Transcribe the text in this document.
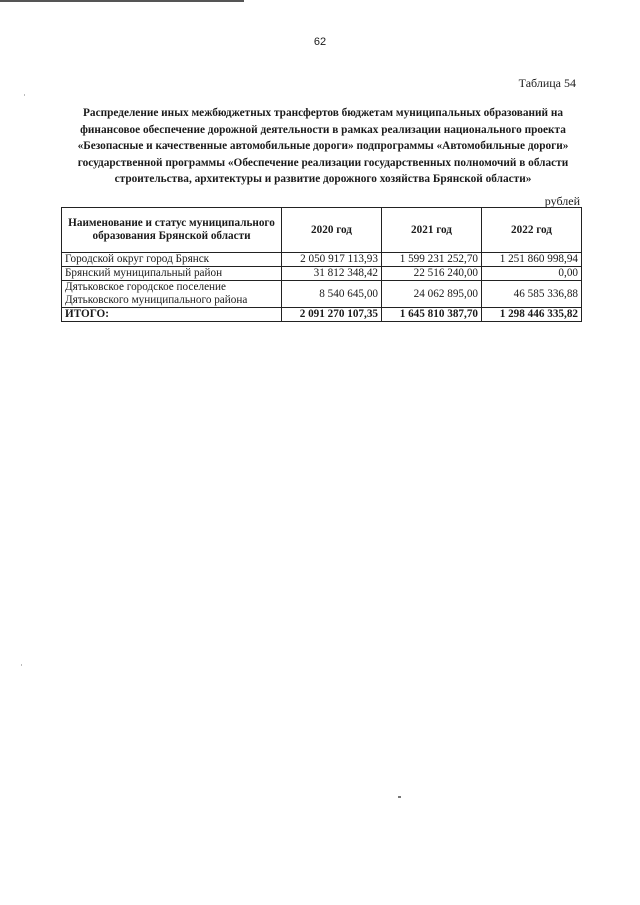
62
Таблица 54
Распределение иных межбюджетных трансфертов бюджетам муниципальных образований на
финансовое обеспечение дорожной деятельности в рамках реализации национального проекта
«Безопасные и качественные автомобильные дороги» подпрограммы «Автомобильные дороги»
государственной программы «Обеспечение реализации государственных полномочий в области
строительства, архитектуры и развитие дорожного хозяйства Брянской области»
рублей
Наименование и статус муниципального образования Брянской области	2020 год	2021 год	2022 год

Городской округ город Брянск	2 050 917 113,93	1 599 231 252,70	1 251 860 998,94

Брянский муниципальный район	31 812 348,42	22 516 240,00	0,00

Дятьковское городское поселение
Дятьковского муниципального района	8 540 645,00	24 062 895,00	46 585 336,88
ИТОГО:	2 091 270 107,35	1 645 810 387,70	1 298 446 335,82
